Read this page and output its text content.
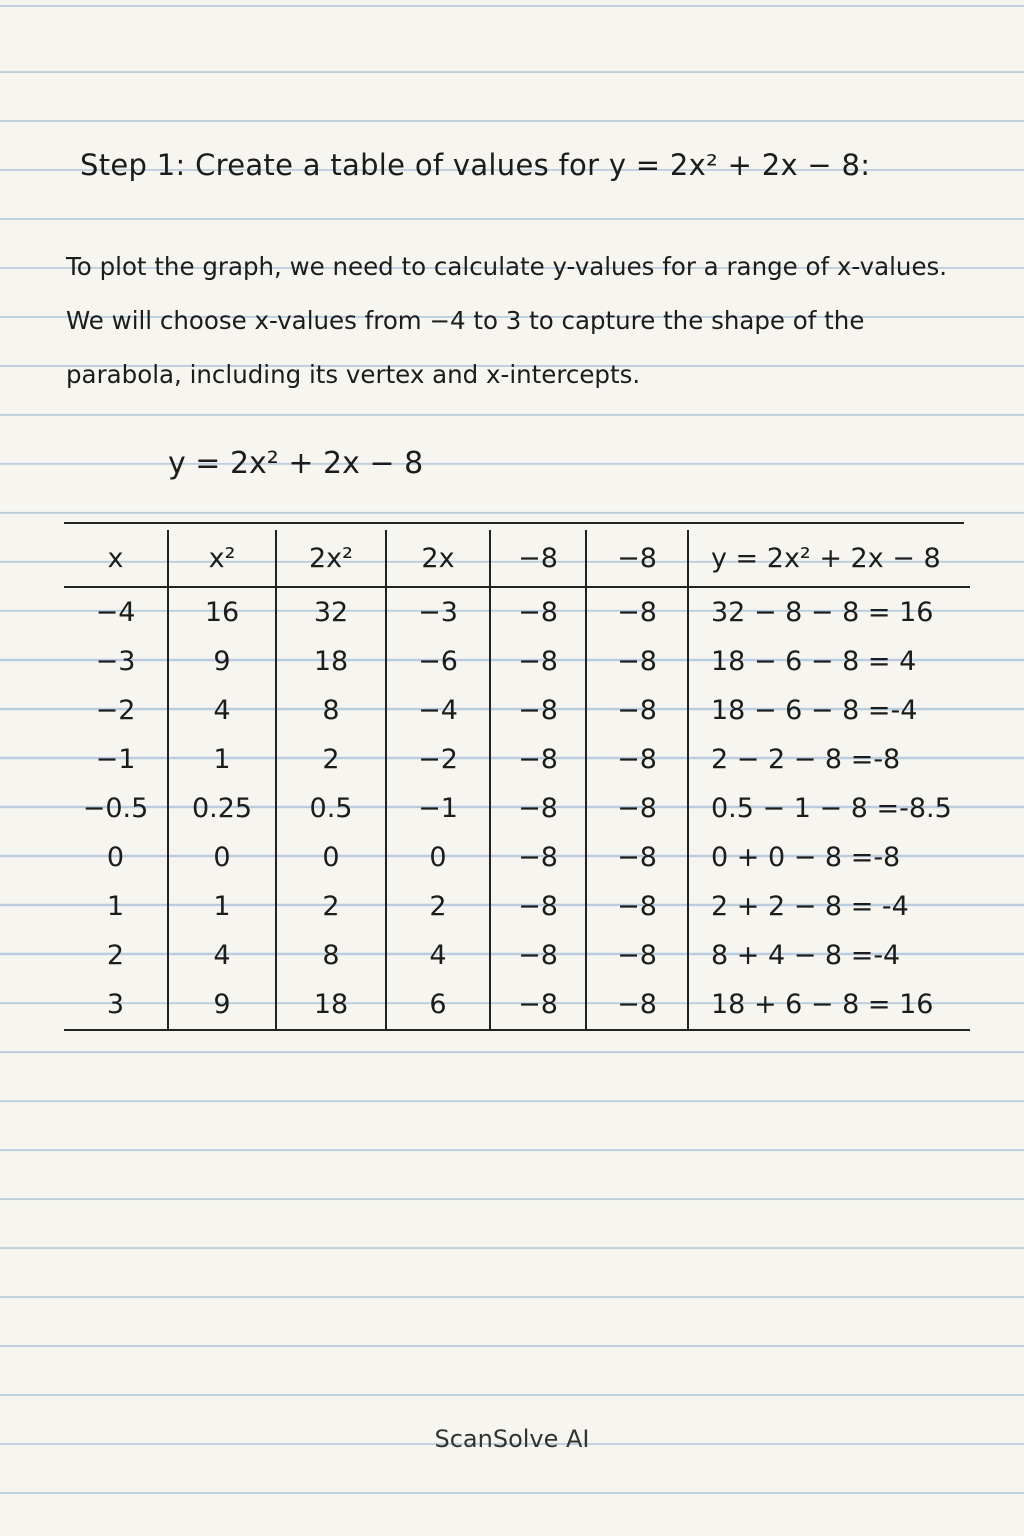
Step 1: Create a table of values for y = 2x² + 2x − 8:

To plot the graph, we need to calculate y-values for a range of x-values.

We will choose x-values from −4 to 3 to capture the shape of the

parabola, including its vertex and x-intercepts.

y = 2x² + 2x − 8
x	x²	2x²	2x	−8	−8	y = 2x² + 2x − 8
−4	16	32	−3	−8	−8	32 − 8 − 8 = 16
−3	9	18	−6	−8	−8	18 − 6 − 8 = 4
−2	4	8	−4	−8	−8	18 − 6 − 8 =-4
−1	1	2	−2	−8	−8	2 − 2 − 8 =-8
−0.5	0.25	0.5	−1	−8	−8	0.5 − 1 − 8 =-8.5
0	0	0	0	−8	−8	0 + 0 − 8 =-8
1	1	2	2	−8	−8	2 + 2 − 8 = -4
2	4	8	4	−8	−8	8 + 4 − 8 =-4
3	9	18	6	−8	−8	18 + 6 − 8 = 16
ScanSolve AI
